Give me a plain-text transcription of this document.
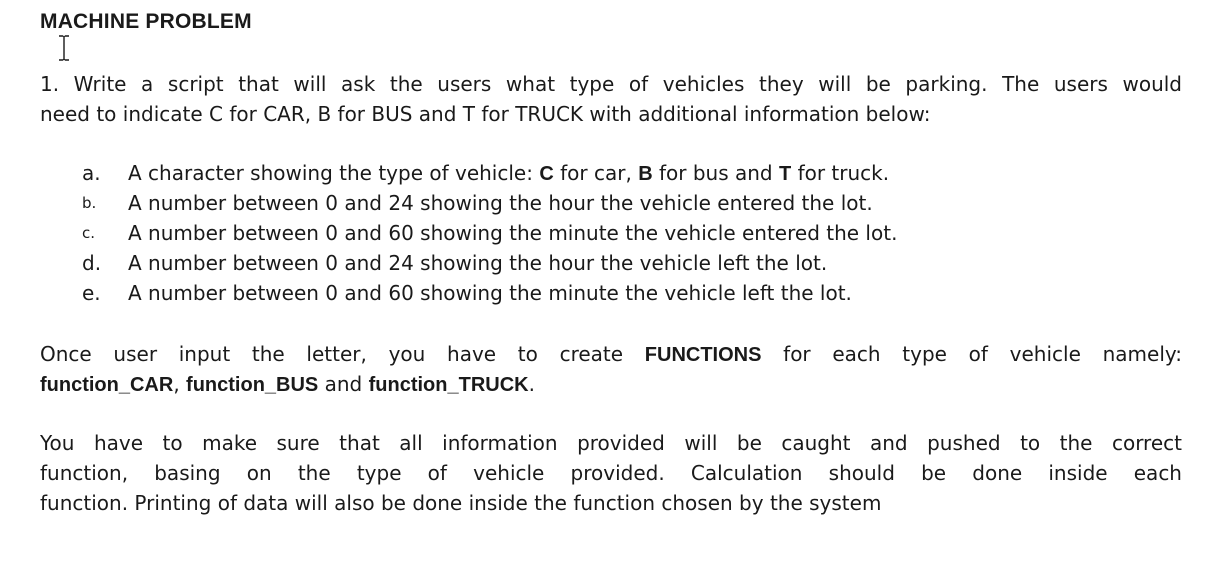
MACHINE PROBLEM
1. Write a script that will ask the users what type of vehicles they will be parking. The users would
need to indicate C for CAR, B for BUS and T for TRUCK with additional information below:
a. A character showing the type of vehicle: C for car, B for bus and T for truck.
b. A number between 0 and 24 showing the hour the vehicle entered the lot.
c. A number between 0 and 60 showing the minute the vehicle entered the lot.
d. A number between 0 and 24 showing the hour the vehicle left the lot.
e. A number between 0 and 60 showing the minute the vehicle left the lot.
Once user input the letter, you have to create FUNCTIONS for each type of vehicle namely:
function_CAR, function_BUS and function_TRUCK.
You have to make sure that all information provided will be caught and pushed to the correct
function, basing on the type of vehicle provided. Calculation should be done inside each
function. Printing of data will also be done inside the function chosen by the system
